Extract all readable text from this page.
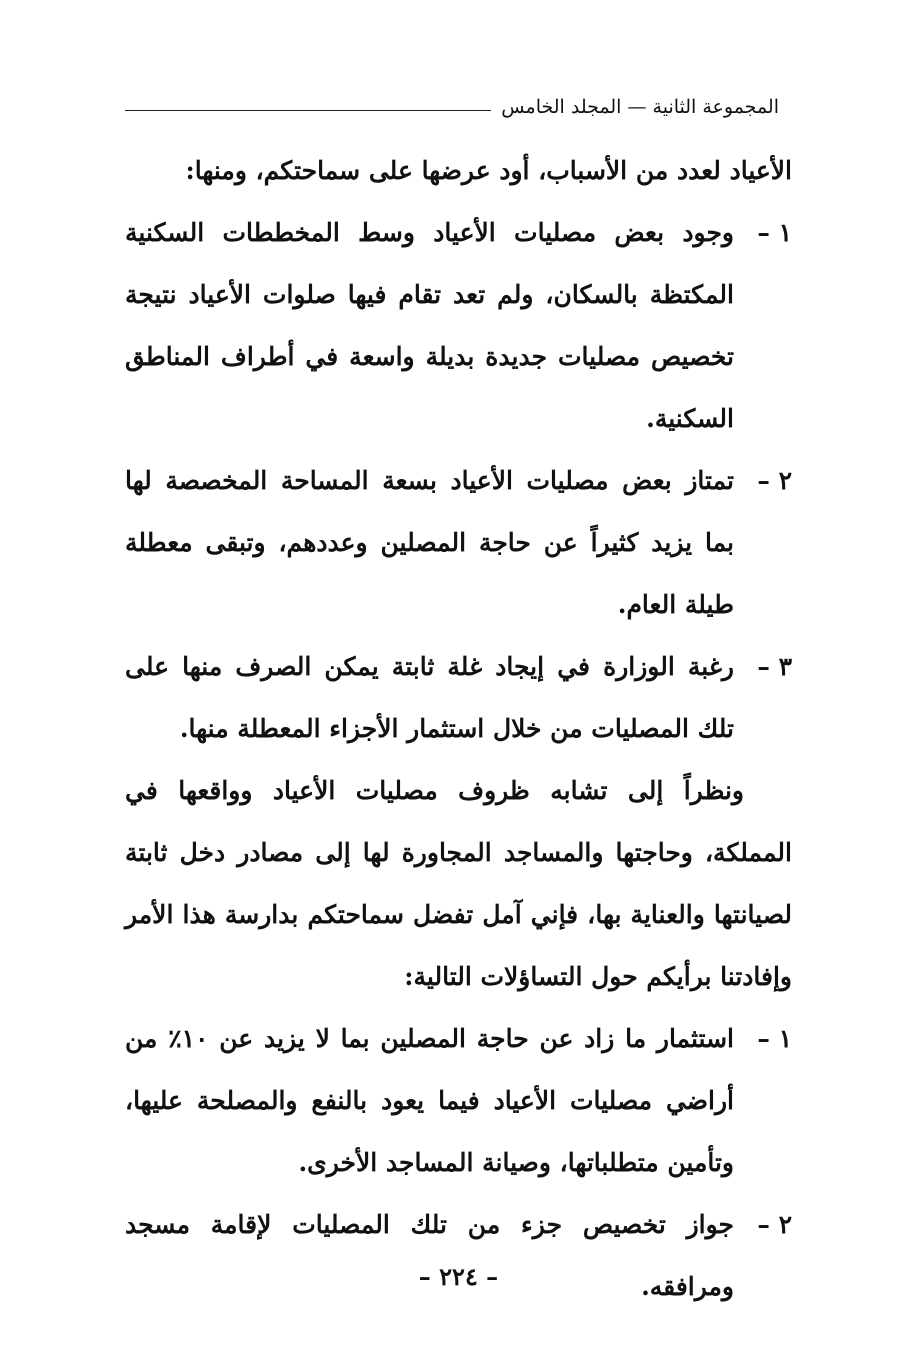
المجموعة الثانية — المجلد الخامس

الأعياد لعدد من الأسباب، أود عرضها على سماحتكم، ومنها:

١ –
وجود بعض مصليات الأعياد وسط المخططات السكنية المكتظة بالسكان، ولم تعد تقام فيها صلوات الأعياد نتيجة تخصيص مصليات جديدة بديلة واسعة في أطراف المناطق السكنية.
٢ –
تمتاز بعض مصليات الأعياد بسعة المساحة المخصصة لها بما يزيد كثيراً عن حاجة المصلين وعددهم، وتبقى معطلة طيلة العام.
٣ –
رغبة الوزارة في إيجاد غلة ثابتة يمكن الصرف منها على تلك المصليات من خلال استثمار الأجزاء المعطلة منها.

ونظراً إلى تشابه ظروف مصليات الأعياد وواقعها في المملكة، وحاجتها والمساجد المجاورة لها إلى مصادر دخل ثابتة لصيانتها والعناية بها، فإني آمل تفضل سماحتكم بدارسة هذا الأمر وإفادتنا برأيكم حول التساؤلات التالية:

١ –
استثمار ما زاد عن حاجة المصلين بما لا يزيد عن ١٠٪ من أراضي مصليات الأعياد فيما يعود بالنفع والمصلحة عليها، وتأمين متطلباتها، وصيانة المساجد الأخرى.
٢ –
جواز تخصيص جزء من تلك المصليات لإقامة مسجد ومرافقه.
– ٢٢٤ –
